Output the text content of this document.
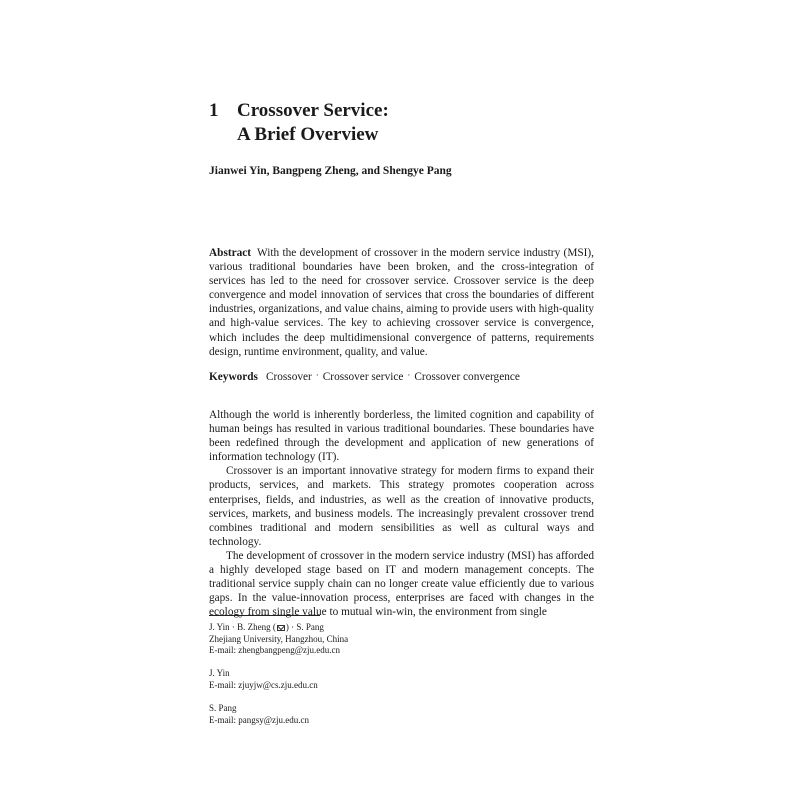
1 Crossover Service:
A Brief Overview
Jianwei Yin, Bangpeng Zheng, and Shengye Pang

Abstract With the development of crossover in the modern service industry (MSI), various traditional boundaries have been broken, and the cross-integration of services has led to the need for crossover service. Crossover service is the deep convergence and model innovation of services that cross the boundaries of different industries, organizations, and value chains, aiming to provide users with high-quality and high-value services. The key to achieving crossover service is convergence, which includes the deep multidimensional convergence of patterns, requirements design, runtime environment, quality, and value.

Keywords Crossover · Crossover service · Crossover convergence

Although the world is inherently borderless, the limited cognition and capability of human beings has resulted in various traditional boundaries. These boundaries have been redefined through the development and application of new generations of information technology (IT).

Crossover is an important innovative strategy for modern firms to expand their products, services, and markets. This strategy promotes cooperation across enterprises, fields, and industries, as well as the creation of innovative products, services, markets, and business models. The increasingly prevalent crossover trend combines traditional and modern sensibilities as well as cultural ways and technology.

The development of crossover in the modern service industry (MSI) has afforded a highly developed stage based on IT and modern management concepts. The traditional service supply chain can no longer create value efficiently due to various gaps. In the value-innovation process, enterprises are faced with changes in the ecology from single value to mutual win-win, the environment from single

J. Yin · B. Zheng ( ) · S. Pang
Zhejiang University, Hangzhou, China
E-mail: zhengbangpeng@zju.edu.cn
J. Yin
E-mail: zjuyjw@cs.zju.edu.cn
S. Pang
E-mail: pangsy@zju.edu.cn
